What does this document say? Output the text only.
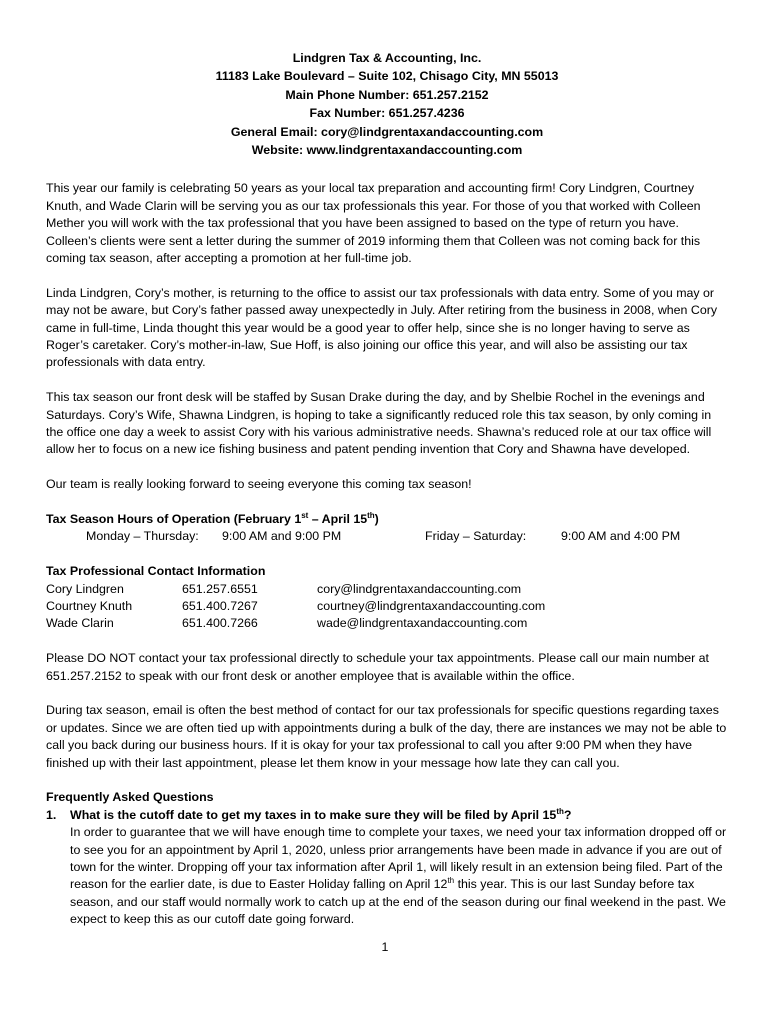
Lindgren Tax & Accounting, Inc.
11183 Lake Boulevard – Suite 102, Chisago City, MN 55013
Main Phone Number: 651.257.2152
Fax Number: 651.257.4236
General Email: cory@lindgrentaxandaccounting.com
Website: www.lindgrentaxandaccounting.com

This year our family is celebrating 50 years as your local tax preparation and accounting firm! Cory Lindgren, Courtney Knuth, and Wade Clarin will be serving you as our tax professionals this year. For those of you that worked with Colleen Mether you will work with the tax professional that you have been assigned to based on the type of return you have. Colleen’s clients were sent a letter during the summer of 2019 informing them that Colleen was not coming back for this coming tax season, after accepting a promotion at her full-time job.

Linda Lindgren, Cory’s mother, is returning to the office to assist our tax professionals with data entry. Some of you may or may not be aware, but Cory’s father passed away unexpectedly in July. After retiring from the business in 2008, when Cory came in full-time, Linda thought this year would be a good year to offer help, since she is no longer having to serve as Roger’s caretaker. Cory’s mother-in-law, Sue Hoff, is also joining our office this year, and will also be assisting our tax professionals with data entry.

This tax season our front desk will be staffed by Susan Drake during the day, and by Shelbie Rochel in the evenings and Saturdays. Cory’s Wife, Shawna Lindgren, is hoping to take a significantly reduced role this tax season, by only coming in the office one day a week to assist Cory with his various administrative needs. Shawna’s reduced role at our tax office will allow her to focus on a new ice fishing business and patent pending invention that Cory and Shawna have developed.

Our team is really looking forward to seeing everyone this coming tax season!

Tax Season Hours of Operation (February 1st – April 15th)
Monday – Thursday: 9:00 AM and 9:00 PM	Friday – Saturday:	9:00 AM and 4:00 PM
Tax Professional Contact Information
Cory Lindgren	651.257.6551	cory@lindgrentaxandaccounting.com
Courtney Knuth	651.400.7267	courtney@lindgrentaxandaccounting.com
Wade Clarin	651.400.7266	wade@lindgrentaxandaccounting.com

Please DO NOT contact your tax professional directly to schedule your tax appointments. Please call our main number at 651.257.2152 to speak with our front desk or another employee that is available within the office.

During tax season, email is often the best method of contact for our tax professionals for specific questions regarding taxes or updates. Since we are often tied up with appointments during a bulk of the day, there are instances we may not be able to call you back during our business hours. If it is okay for your tax professional to call you after 9:00 PM when they have finished up with their last appointment, please let them know in your message how late they can call you.

Frequently Asked Questions
1. What is the cutoff date to get my taxes in to make sure they will be filed by April 15th?
In order to guarantee that we will have enough time to complete your taxes, we need your tax information dropped off or to see you for an appointment by April 1, 2020, unless prior arrangements have been made in advance if you are out of town for the winter. Dropping off your tax information after April 1, will likely result in an extension being filed. Part of the reason for the earlier date, is due to Easter Holiday falling on April 12th this year. This is our last Sunday before tax season, and our staff would normally work to catch up at the end of the season during our final weekend in the past. We expect to keep this as our cutoff date going forward.
1
